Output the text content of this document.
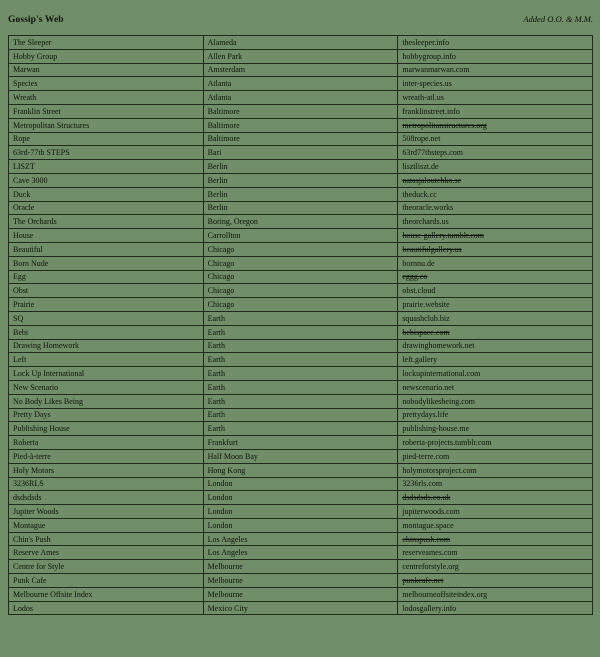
Gossip's Web	Added O.O. & M.M.
The Sleeper	Alameda	thesleeper.info
Hobby Group	Allen Park	hobbygroup.info
Marwan	Amsterdam	marwanmarwan.com
Species	Atlanta	inter-species.us
Wreath	Atlanta	wreath-atl.us
Franklin Street	Baltimore	franklinstreet.info
Metropolitan Structures	Baltimore	metropolitanstructures.org
Rope	Baltimore	508rope.net
63rd-77th STEPS	Bari	63rd77thsteps.com
LISZT	Berlin	lisztliszt.de
Cave 3000	Berlin	natasjaloutchko.se
Duck	Berlin	theduck.cc
Oracle	Berlin	theoracle.works
The Orchards	Boring, Oregon	theorchards.us
House	Carrollton	house-gallery.tumblr.com
Beautiful	Chicago	beautifulgallery.us
Born Nude	Chicago	bornnu.de
Egg	Chicago	eggg.co
Obst	Chicago	obst.cloud
Prairie	Chicago	prairie.website
SQ	Earth	squashclub.biz
Bebi	Earth	bebispace.com
Drawing Homework	Earth	drawinghomework.net
Left	Earth	left.gallery
Lock Up International	Earth	lockupinternational.com
New Scenario	Earth	newscenario.net
No Body Likes Being	Earth	nobodylikesbeing.com
Pretty Days	Earth	prettydays.life
Publishing House	Earth	publishing-house.me
Roberta	Frankfurt	roberta-projects.tumblr.com
Pied-à-terre	Half Moon Bay	pied-terre.com
Holy Motors	Hong Kong	holymotorsproject.com
3236RLS	London	3236rls.com
dsdsdsds	London	dsdsdsds.co.uk
Jupiter Woods	London	jupiterwoods.com
Montague	London	montague.space
Chin's Push	Los Angeles	chinspush.com
Reserve Ames	Los Angeles	reserveames.com
Centre for Style	Melbourne	centreforstyle.org
Punk Cafe	Melbourne	punkcafe.net
Melbourne Offsite Index	Melbourne	melbourneoffsiteindex.org
Lodos	Mexico City	lodosgallery.info
